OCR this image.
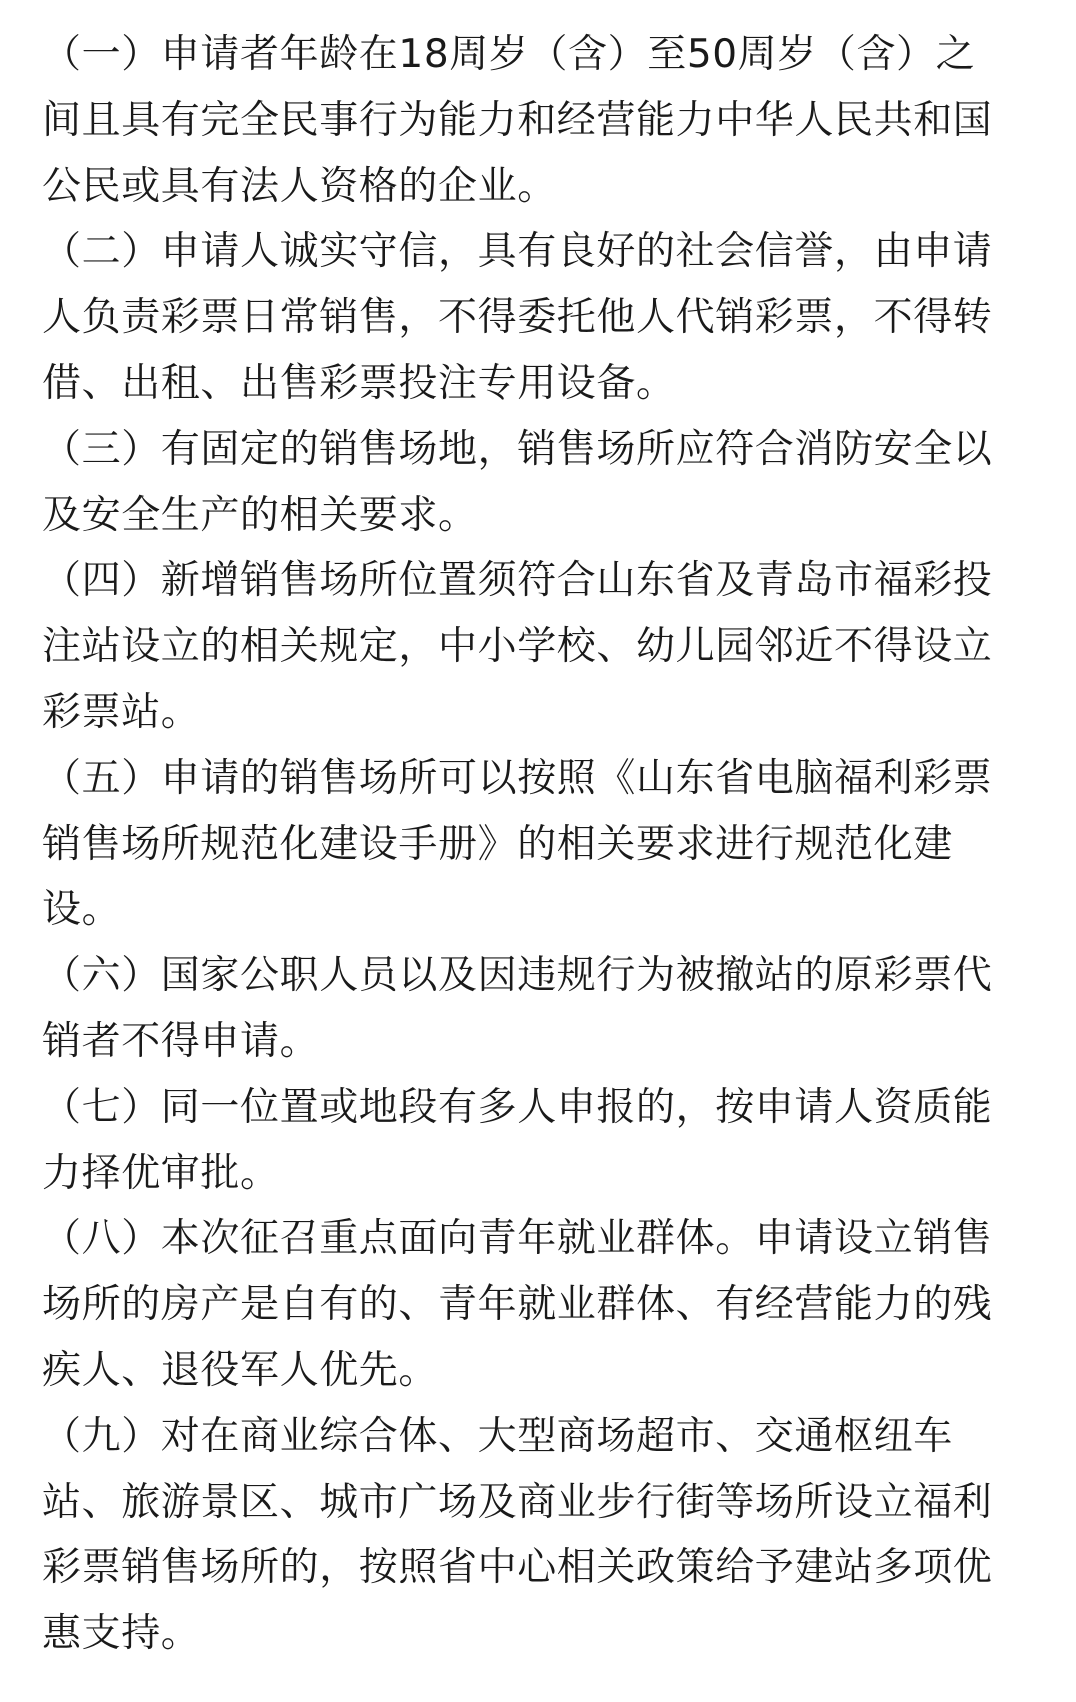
（一）申请者年龄在18周岁（含）至50周岁（含）之间且具有完全民事行为能力和经营能力中华人民共和国公民或具有法人资格的企业。

（二）申请人诚实守信，具有良好的社会信誉，由申请人负责彩票日常销售，不得委托他人代销彩票，不得转借、出租、出售彩票投注专用设备。

（三）有固定的销售场地，销售场所应符合消防安全以及安全生产的相关要求。

（四）新增销售场所位置须符合山东省及青岛市福彩投注站设立的相关规定，中小学校、幼儿园邻近不得设立彩票站。

（五）申请的销售场所可以按照《山东省电脑福利彩票销售场所规范化建设手册》的相关要求进行规范化建设。

（六）国家公职人员以及因违规行为被撤站的原彩票代销者不得申请。

（七）同一位置或地段有多人申报的，按申请人资质能力择优审批。

（八）本次征召重点面向青年就业群体。申请设立销售场所的房产是自有的、青年就业群体、有经营能力的残疾人、退役军人优先。

（九）对在商业综合体、大型商场超市、交通枢纽车站、旅游景区、城市广场及商业步行街等场所设立福利彩票销售场所的，按照省中心相关政策给予建站多项优惠支持。
